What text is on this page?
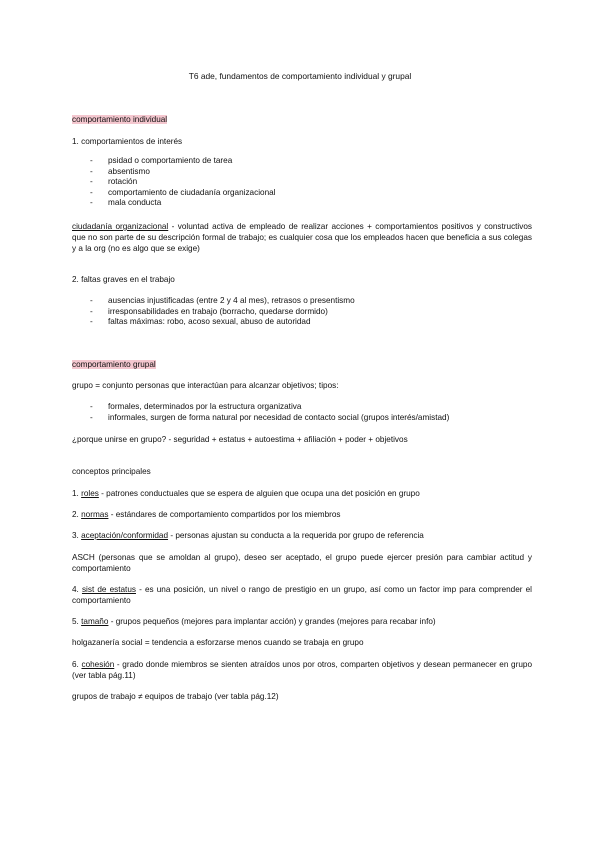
T6 ade, fundamentos de comportamiento individual y grupal
comportamiento individual
1. comportamientos de interés
- psidad o comportamiento de tarea
- absentismo
- rotación
- comportamiento de ciudadanía organizacional
- mala conducta
ciudadanía organizacional - voluntad activa de empleado de realizar acciones + comportamientos positivos y constructivos que no son parte de su descripción formal de trabajo; es cualquier cosa que los empleados hacen que beneficia a sus colegas y a la org (no es algo que se exige)
2. faltas graves en el trabajo
- ausencias injustificadas (entre 2 y 4 al mes), retrasos o presentismo
- irresponsabilidades en trabajo (borracho, quedarse dormido)
- faltas máximas: robo, acoso sexual, abuso de autoridad
comportamiento grupal
grupo = conjunto personas que interactúan para alcanzar objetivos; tipos:
- formales, determinados por la estructura organizativa
- informales, surgen de forma natural por necesidad de contacto social (grupos interés/amistad)
¿porque unirse en grupo? - seguridad + estatus + autoestima + afiliación + poder + objetivos
conceptos principales
1. roles - patrones conductuales que se espera de alguien que ocupa una det posición en grupo
2. normas - estándares de comportamiento compartidos por los miembros
3. aceptación/conformidad - personas ajustan su conducta a la requerida por grupo de referencia
ASCH (personas que se amoldan al grupo), deseo ser aceptado, el grupo puede ejercer presión para cambiar actitud y comportamiento
4. sist de estatus - es una posición, un nivel o rango de prestigio en un grupo, así como un factor imp para comprender el comportamiento
5. tamaño - grupos pequeños (mejores para implantar acción) y grandes (mejores para recabar info)
holgazanería social = tendencia a esforzarse menos cuando se trabaja en grupo
6. cohesión - grado donde miembros se sienten atraídos unos por otros, comparten objetivos y desean permanecer en grupo (ver tabla pág.11)
grupos de trabajo ≠ equipos de trabajo (ver tabla pág.12)
